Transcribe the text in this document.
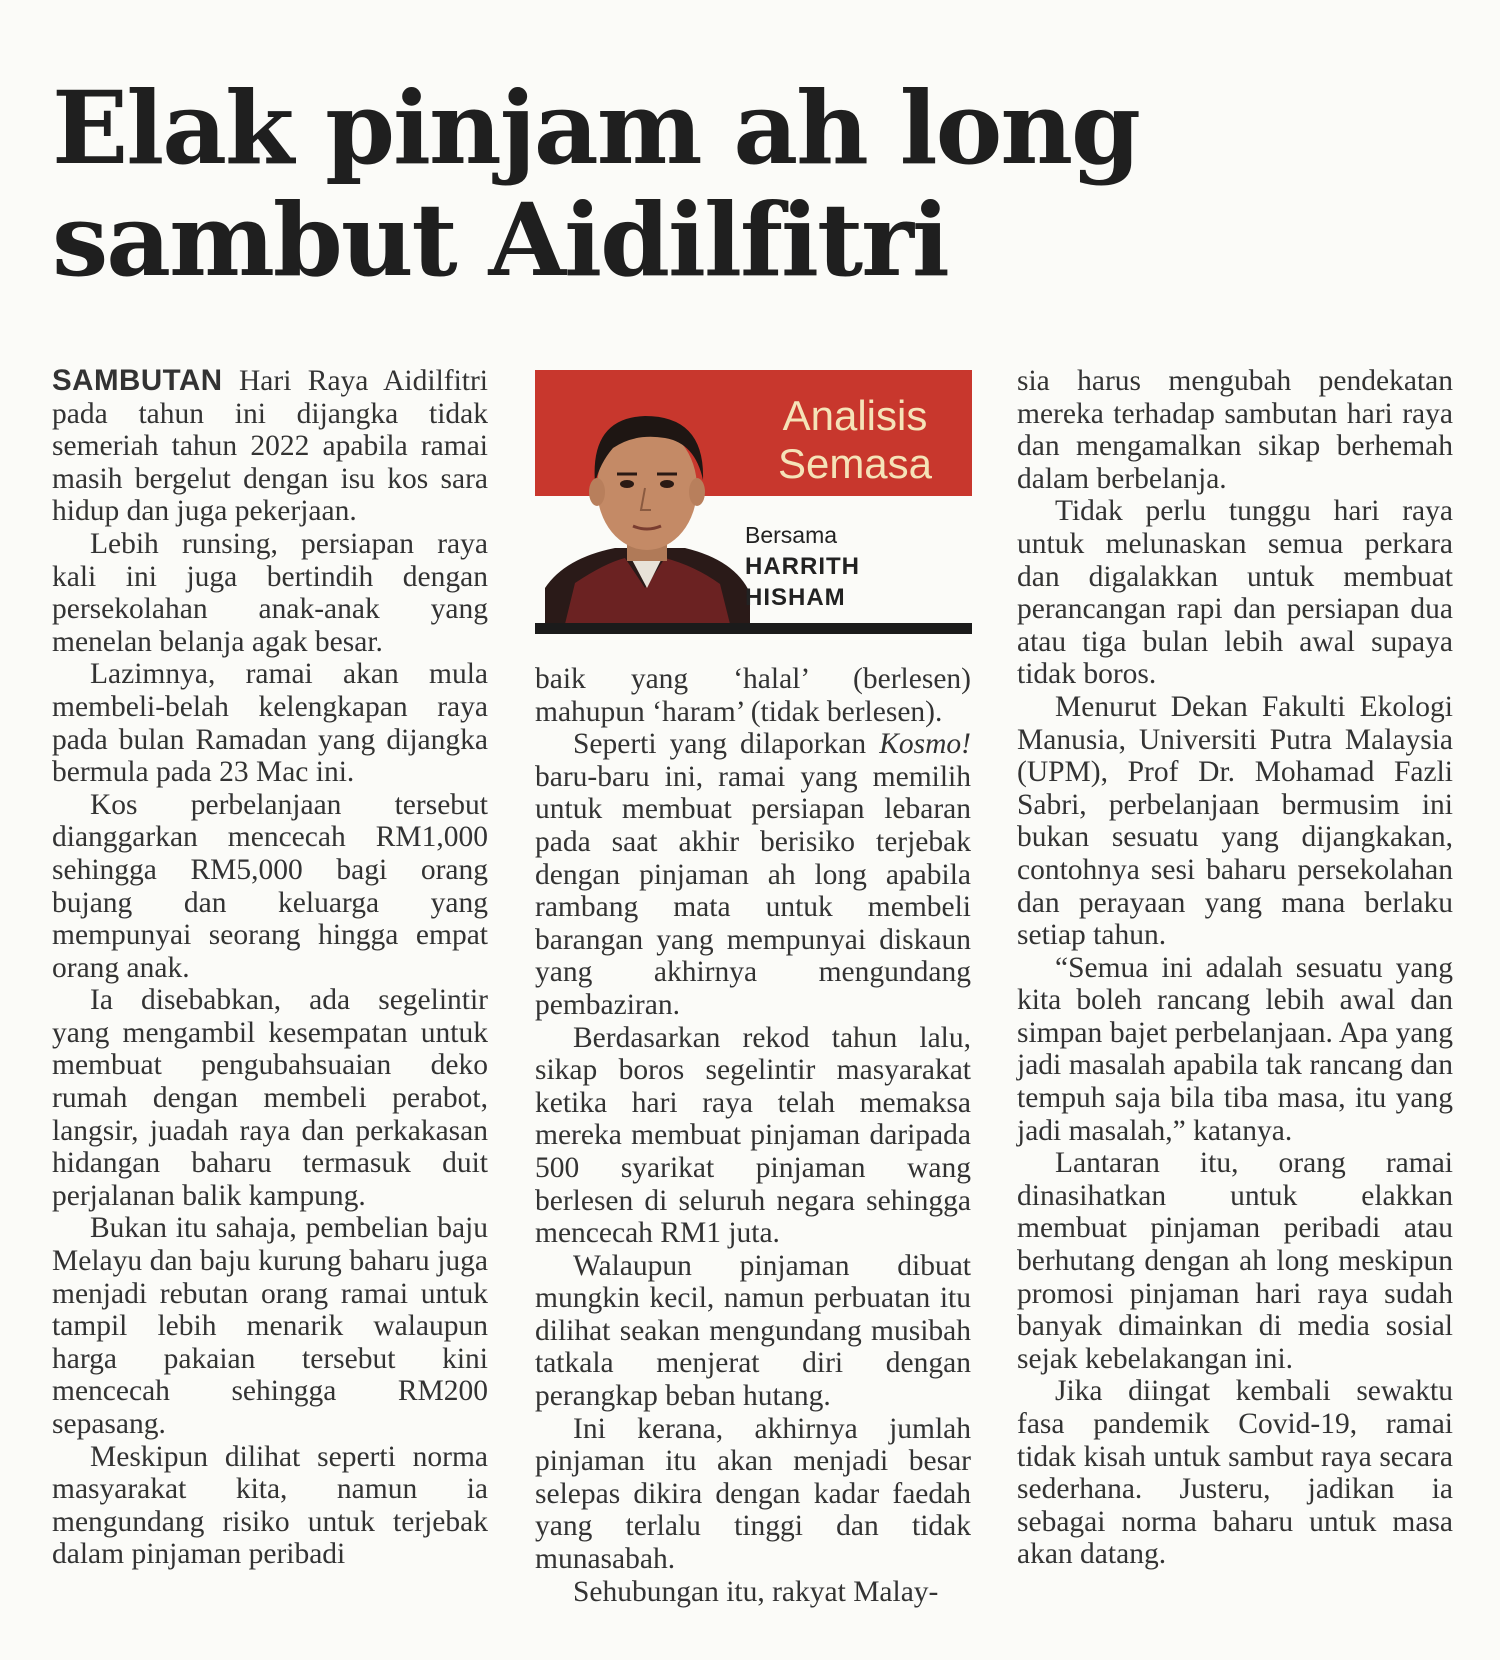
Elak pinjam ah long
sambut Aidilfitri

SAMBUTAN Hari Raya Aidilfitri pada tahun ini dijangka tidak semeriah tahun 2022 apabila ramai masih bergelut dengan isu kos sara hidup dan juga pekerjaan.

Lebih runsing, persiapan raya kali ini juga bertindih dengan persekolahan anak-anak yang menelan belanja agak besar.

Lazimnya, ramai akan mula membeli-belah kelengkapan raya pada bulan Ramadan yang dijangka bermula pada 23 Mac ini.

Kos perbelanjaan tersebut dianggarkan mencecah RM1,000 sehingga RM5,000 bagi orang bujang dan keluarga yang mempunyai seorang hingga empat orang anak.

Ia disebabkan, ada segelintir yang mengambil kesempatan untuk membuat pengubahsuaian deko rumah dengan membeli perabot, langsir, juadah raya dan perkakasan hidangan baharu termasuk duit perjalanan balik kampung.

Bukan itu sahaja, pembelian baju Melayu dan baju kurung baharu juga menjadi rebutan orang ramai untuk tampil lebih menarik walaupun harga pakaian tersebut kini mencecah sehingga RM200 sepasang.

Meskipun dilihat seperti norma masyarakat kita, namun ia mengundang risiko untuk terjebak dalam pinjaman peribadi

Analisis
Semasa
Bersama
HARRITH
HISHAM

baik yang ‘halal’ (berlesen) mahupun ‘haram’ (tidak berlesen).

Seperti yang dilaporkan Kosmo! baru-baru ini, ramai yang memilih untuk membuat persiapan lebaran pada saat akhir berisiko terjebak dengan pinjaman ah long apabila rambang mata untuk membeli barangan yang mempunyai diskaun yang akhirnya mengundang pembaziran.

Berdasarkan rekod tahun lalu, sikap boros segelintir masyarakat ketika hari raya telah memaksa mereka membuat pinjaman daripada 500 syarikat pinjaman wang berlesen di seluruh negara sehingga mencecah RM1 juta.

Walaupun pinjaman dibuat mungkin kecil, namun perbuatan itu dilihat seakan mengundang musibah tatkala menjerat diri dengan perangkap beban hutang.

Ini kerana, akhirnya jumlah pinjaman itu akan menjadi besar selepas dikira dengan kadar faedah yang terlalu tinggi dan tidak munasabah.

Sehubungan itu, rakyat Malay-

sia harus mengubah pendekatan mereka terhadap sambutan hari raya dan mengamalkan sikap berhemah dalam berbelanja.

Tidak perlu tunggu hari raya untuk melunaskan semua perkara dan digalakkan untuk membuat perancangan rapi dan persiapan dua atau tiga bulan lebih awal supaya tidak boros.

Menurut Dekan Fakulti Ekologi Manusia, Universiti Putra Malaysia (UPM), Prof Dr. Mohamad Fazli Sabri, perbelanjaan bermusim ini bukan sesuatu yang dijangkakan, contohnya sesi baharu persekolahan dan perayaan yang mana berlaku setiap tahun.

“Semua ini adalah sesuatu yang kita boleh rancang lebih awal dan simpan bajet perbelanjaan. Apa yang jadi masalah apabila tak rancang dan tempuh saja bila tiba masa, itu yang jadi masalah,” katanya.

Lantaran itu, orang ramai dinasihatkan untuk elakkan membuat pinjaman peribadi atau berhutang dengan ah long meskipun promosi pinjaman hari raya sudah banyak dimainkan di media sosial sejak kebelakangan ini.

Jika diingat kembali sewaktu fasa pandemik Covid-19, ramai tidak kisah untuk sambut raya secara sederhana. Justeru, jadikan ia sebagai norma baharu untuk masa akan datang.
